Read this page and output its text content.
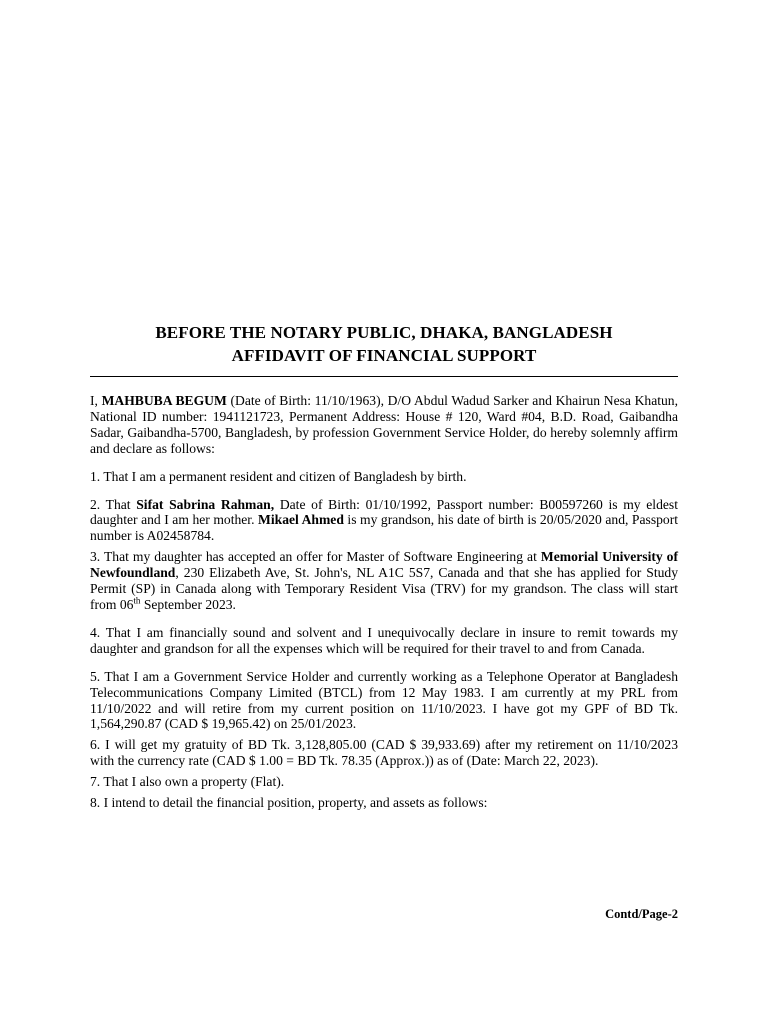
BEFORE THE NOTARY PUBLIC, DHAKA, BANGLADESH
AFFIDAVIT OF FINANCIAL SUPPORT

I, MAHBUBA BEGUM (Date of Birth: 11/10/1963), D/O Abdul Wadud Sarker and Khairun Nesa Khatun, National ID number: 1941121723, Permanent Address: House # 120, Ward #04, B.D. Road, Gaibandha Sadar, Gaibandha-5700, Bangladesh, by profession Government Service Holder, do hereby solemnly affirm and declare as follows:

1. That I am a permanent resident and citizen of Bangladesh by birth.

2. That Sifat Sabrina Rahman, Date of Birth: 01/10/1992, Passport number: B00597260 is my eldest daughter and I am her mother. Mikael Ahmed is my grandson, his date of birth is 20/05/2020 and, Passport number is A02458784.

3. That my daughter has accepted an offer for Master of Software Engineering at Memorial University of Newfoundland, 230 Elizabeth Ave, St. John's, NL A1C 5S7, Canada and that she has applied for Study Permit (SP) in Canada along with Temporary Resident Visa (TRV) for my grandson. The class will start from 06th September 2023.

4. That I am financially sound and solvent and I unequivocally declare in insure to remit towards my daughter and grandson for all the expenses which will be required for their travel to and from Canada.

5. That I am a Government Service Holder and currently working as a Telephone Operator at Bangladesh Telecommunications Company Limited (BTCL) from 12 May 1983. I am currently at my PRL from 11/10/2022 and will retire from my current position on 11/10/2023. I have got my GPF of BD Tk. 1,564,290.87 (CAD $ 19,965.42) on 25/01/2023.

6. I will get my gratuity of BD Tk. 3,128,805.00 (CAD $ 39,933.69) after my retirement on 11/10/2023 with the currency rate (CAD $ 1.00 = BD Tk. 78.35 (Approx.)) as of (Date: March 22, 2023).

7. That I also own a property (Flat).

8. I intend to detail the financial position, property, and assets as follows:

Contd/Page-2
